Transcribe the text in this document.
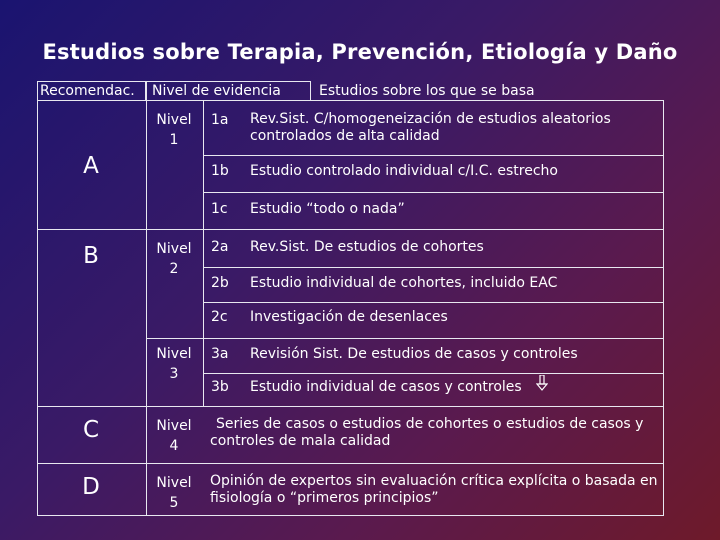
Estudios sobre Terapia, Prevención, Etiología y Daño
Recomendac. Nivel de evidencia	Estudios sobre los que se basa
A
B
C
D
Nivel
1
Nivel
2
Nivel
3
Nivel
4
Nivel
5
1a
1b
1c
2a
2b
2c
3a
3b
Rev.Sist. C/homogeneización de estudios aleatorios controlados de alta calidad
Estudio controlado individual c/I.C. estrecho
Estudio “todo o nada”
Rev.Sist. De estudios de cohortes
Estudio individual de cohortes, incluido EAC
Investigación de desenlaces
Revisión Sist. De estudios de casos y controles
Estudio individual de casos y controles
Series de casos o estudios de cohortes o estudios de casos y controles de mala calidad
Opinión de expertos sin evaluación crítica explícita o basada en fisiología o “primeros principios”
